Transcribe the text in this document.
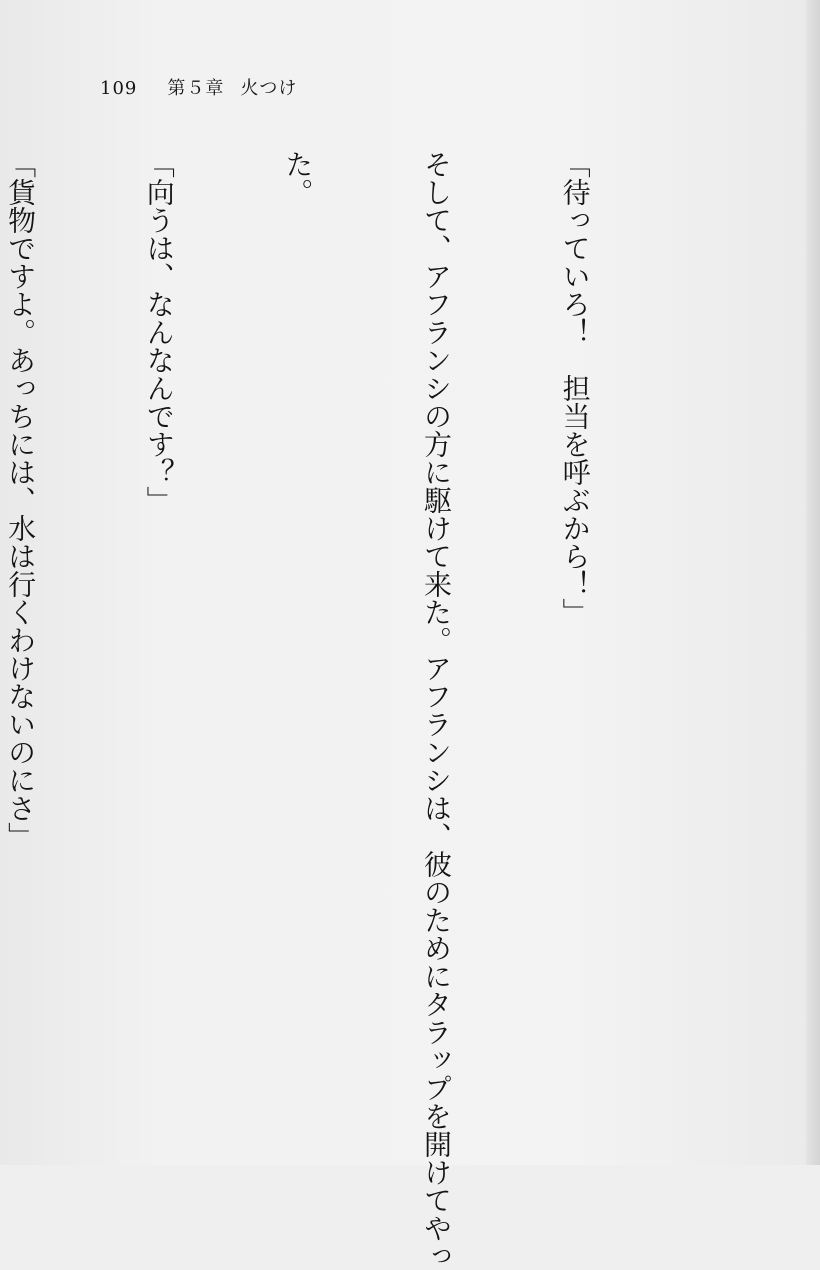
109 第５章 火つけ

「待っていろ！　担当を呼ぶから！」

そして、アフランシの方に駆けて来た。アフランシは、彼のためにタラップを開けてやっ

た。

「向うは、なんなんです？」

「貨物ですよ。あっちには、水は行くわけないのにさ」
